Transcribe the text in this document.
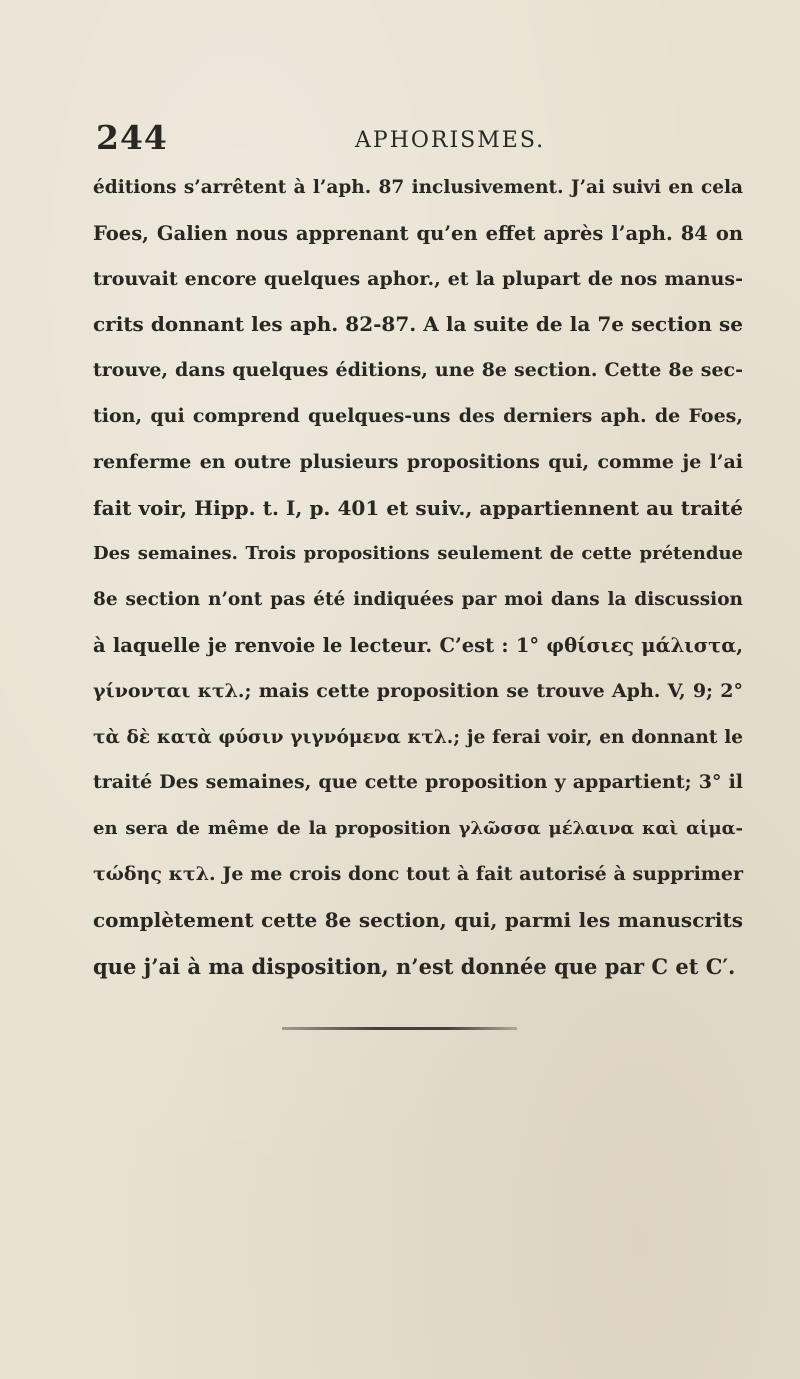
244	APHORISMES.
éditions s’arrêtent à l’aph. 87 inclusivement. J’ai suivi en cela
Foes, Galien nous apprenant qu’en effet après l’aph. 84 on
trouvait encore quelques aphor., et la plupart de nos manus-
crits donnant les aph. 82-87. A la suite de la 7e section se
trouve, dans quelques éditions, une 8e section. Cette 8e sec-
tion, qui comprend quelques-uns des derniers aph. de Foes,
renferme en outre plusieurs propositions qui, comme je l’ai
fait voir, Hipp. t. I, p. 401 et suiv., appartiennent au traité
Des semaines. Trois propositions seulement de cette prétendue
8e section n’ont pas été indiquées par moi dans la discussion
à laquelle je renvoie le lecteur. C’est : 1° φθίσιες μάλιστα,
γίνονται κτλ.; mais cette proposition se trouve Aph. V, 9; 2°
τὰ δὲ κατὰ φύσιν γιγνόμενα κτλ.; je ferai voir, en donnant le
traité Des semaines, que cette proposition y appartient; 3° il
en sera de même de la proposition γλῶσσα μέλαινα καὶ αἱμα-
τώδης κτλ. Je me crois donc tout à fait autorisé à supprimer
complètement cette 8e section, qui, parmi les manuscrits
que j’ai à ma disposition, n’est donnée que par C et C′.
